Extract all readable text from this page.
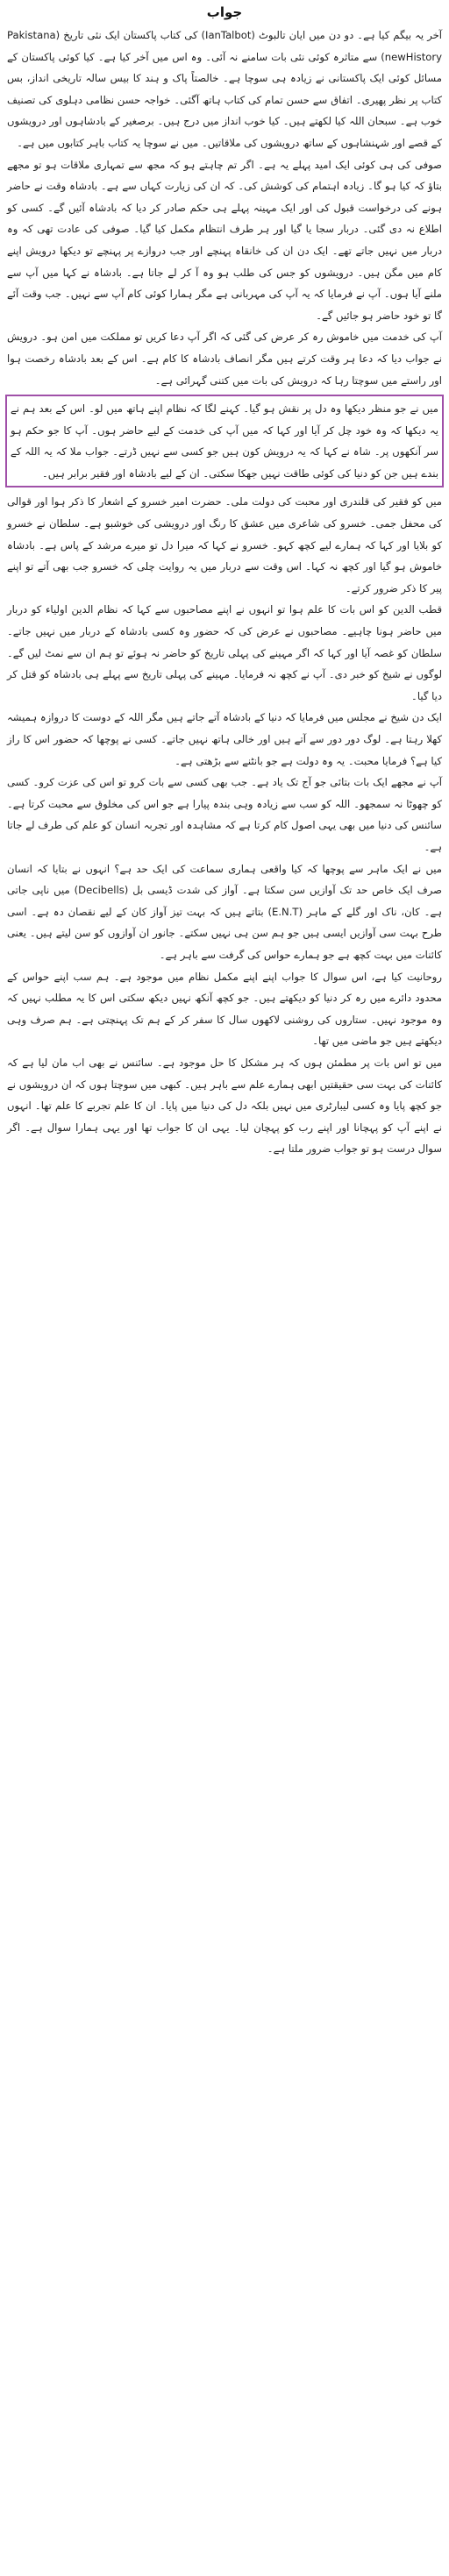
جواب

آخر یہ بیگم کیا ہے۔ دو دن میں ایان تالبوٹ (IanTalbot) کی کتاب پاکستان ایک نئی تاریخ (Pakistana newHistory) سے متاثرہ کوئی نئی بات سامنے نہ آئی۔ وہ اس میں آخر کیا ہے۔ کیا کوئی پاکستان کے مسائل کوئی ایک پاکستانی نے زیادہ ہی سوچا ہے۔ خالصتاً پاک و ہند کا بیس سالہ تاریخی انداز، بس کتاب پر نظر پھیری۔ اتفاق سے حسن تمام کی کتاب ہاتھ آگئی۔ خواجہ حسن نظامی دہلوی کی تصنیف خوب ہے۔ سبحان اللہ کیا لکھتے ہیں۔ کیا خوب انداز میں درج ہیں۔ برصغیر کے بادشاہوں اور درویشوں کے قصے اور شہنشاہوں کے ساتھ درویشوں کی ملاقاتیں۔ میں نے سوچا یہ کتاب باہر کتابوں میں ہے۔

صوفی کی ہی کوئی ایک امید پہلے یہ ہے۔ اگر تم چاہتے ہو کہ مجھ سے تمہاری ملاقات ہو تو مجھے بتاؤ کہ کیا ہو گا۔ زیادہ اہتمام کی کوشش کی۔ کہ ان کی زیارت کہاں سے ہے۔ بادشاہ وقت نے حاضر ہونے کی درخواست قبول کی اور ایک مہینہ پہلے ہی حکم صادر کر دیا کہ بادشاہ آئیں گے۔ کسی کو اطلاع نہ دی گئی۔ دربار سجا یا گیا اور ہر طرف انتظام مکمل کیا گیا۔ صوفی کی عادت تھی کہ وہ دربار میں نہیں جاتے تھے۔ ایک دن ان کی خانقاہ پہنچے اور جب دروازے پر پہنچے تو دیکھا درویش اپنے کام میں مگن ہیں۔ درویشوں کو جس کی طلب ہو وہ آ کر لے جاتا ہے۔ بادشاہ نے کہا میں آپ سے ملنے آیا ہوں۔ آپ نے فرمایا کہ یہ آپ کی مہربانی ہے مگر ہمارا کوئی کام آپ سے نہیں۔ جب وقت آئے گا تو خود حاضر ہو جائیں گے۔

آپ کی خدمت میں خاموش رہ کر عرض کی گئی کہ اگر آپ دعا کریں تو مملکت میں امن ہو۔ درویش نے جواب دیا کہ دعا ہر وقت کرتے ہیں مگر انصاف بادشاہ کا کام ہے۔ اس کے بعد بادشاہ رخصت ہوا اور راستے میں سوچتا رہا کہ درویش کی بات میں کتنی گہرائی ہے۔

میں نے جو منظر دیکھا وہ دل پر نقش ہو گیا۔ کہنے لگا کہ نظام اپنے ہاتھ میں لو۔ اس کے بعد ہم نے یہ دیکھا کہ وہ خود چل کر آیا اور کہا کہ میں آپ کی خدمت کے لیے حاضر ہوں۔ آپ کا جو حکم ہو سر آنکھوں پر۔ شاہ نے کہا کہ یہ درویش کون ہیں جو کسی سے نہیں ڈرتے۔ جواب ملا کہ یہ اللہ کے بندے ہیں جن کو دنیا کی کوئی طاقت نہیں جھکا سکتی۔ ان کے لیے بادشاہ اور فقیر برابر ہیں۔

میں کو فقیر کی قلندری اور محبت کی دولت ملی۔ حضرت امیر خسرو کے اشعار کا ذکر ہوا اور قوالی کی محفل جمی۔ خسرو کی شاعری میں عشق کا رنگ اور درویشی کی خوشبو ہے۔ سلطان نے خسرو کو بلایا اور کہا کہ ہمارے لیے کچھ کہو۔ خسرو نے کہا کہ میرا دل تو میرے مرشد کے پاس ہے۔ بادشاہ خاموش ہو گیا اور کچھ نہ کہا۔ اس وقت سے دربار میں یہ روایت چلی کہ خسرو جب بھی آتے تو اپنے پیر کا ذکر ضرور کرتے۔

قطب الدین کو اس بات کا علم ہوا تو انہوں نے اپنے مصاحبوں سے کہا کہ نظام الدین اولیاء کو دربار میں حاضر ہونا چاہیے۔ مصاحبوں نے عرض کی کہ حضور وہ کسی بادشاہ کے دربار میں نہیں جاتے۔ سلطان کو غصہ آیا اور کہا کہ اگر مہینے کی پہلی تاریخ کو حاضر نہ ہوئے تو ہم ان سے نمٹ لیں گے۔ لوگوں نے شیخ کو خبر دی۔ آپ نے کچھ نہ فرمایا۔ مہینے کی پہلی تاریخ سے پہلے ہی بادشاہ کو قتل کر دیا گیا۔

ایک دن شیخ نے مجلس میں فرمایا کہ دنیا کے بادشاہ آتے جاتے ہیں مگر اللہ کے دوست کا دروازہ ہمیشہ کھلا رہتا ہے۔ لوگ دور دور سے آتے ہیں اور خالی ہاتھ نہیں جاتے۔ کسی نے پوچھا کہ حضور اس کا راز کیا ہے؟ فرمایا محبت۔ یہ وہ دولت ہے جو بانٹنے سے بڑھتی ہے۔

آپ نے مجھے ایک بات بتائی جو آج تک یاد ہے۔ جب بھی کسی سے بات کرو تو اس کی عزت کرو۔ کسی کو چھوٹا نہ سمجھو۔ اللہ کو سب سے زیادہ وہی بندہ پیارا ہے جو اس کی مخلوق سے محبت کرتا ہے۔ سائنس کی دنیا میں بھی یہی اصول کام کرتا ہے کہ مشاہدہ اور تجربہ انسان کو علم کی طرف لے جاتا ہے۔

میں نے ایک ماہر سے پوچھا کہ کیا واقعی ہماری سماعت کی ایک حد ہے؟ انہوں نے بتایا کہ انسان صرف ایک خاص حد تک آوازیں سن سکتا ہے۔ آواز کی شدت ڈیسی بل (Decibells) میں ناپی جاتی ہے۔ کان، ناک اور گلے کے ماہر (E.N.T) بتاتے ہیں کہ بہت تیز آواز کان کے لیے نقصان دہ ہے۔ اسی طرح بہت سی آوازیں ایسی ہیں جو ہم سن ہی نہیں سکتے۔ جانور ان آوازوں کو سن لیتے ہیں۔ یعنی کائنات میں بہت کچھ ہے جو ہمارے حواس کی گرفت سے باہر ہے۔

روحانیت کیا ہے، اس سوال کا جواب اپنے اپنے مکمل نظام میں موجود ہے۔ ہم سب اپنے حواس کے محدود دائرے میں رہ کر دنیا کو دیکھتے ہیں۔ جو کچھ آنکھ نہیں دیکھ سکتی اس کا یہ مطلب نہیں کہ وہ موجود نہیں۔ ستاروں کی روشنی لاکھوں سال کا سفر کر کے ہم تک پہنچتی ہے۔ ہم صرف وہی دیکھتے ہیں جو ماضی میں تھا۔

میں تو اس بات پر مطمئن ہوں کہ ہر مشکل کا حل موجود ہے۔ سائنس نے بھی اب مان لیا ہے کہ کائنات کی بہت سی حقیقتیں ابھی ہمارے علم سے باہر ہیں۔ کبھی میں سوچتا ہوں کہ ان درویشوں نے جو کچھ پایا وہ کسی لیبارٹری میں نہیں بلکہ دل کی دنیا میں پایا۔ ان کا علم تجربے کا علم تھا۔ انہوں نے اپنے آپ کو پہچانا اور اپنے رب کو پہچان لیا۔ یہی ان کا جواب تھا اور یہی ہمارا سوال ہے۔ اگر سوال درست ہو تو جواب ضرور ملتا ہے۔
